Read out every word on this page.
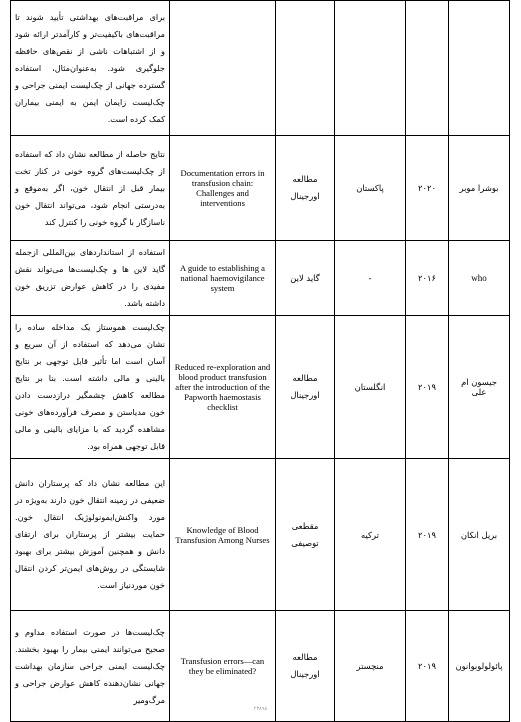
برای مراقبت‌های بهداشتی تأیید شوند تا مراقبت‌های باکیفیت‌تر و کارآمدتر ارائه شود و از اشتباهات ناشی از نقص‌های حافظه جلوگیری شود. به‌عنوان‌مثال، استفاده گسترده جهانی از چک‌لیست ایمنی جراحی و چک‌لیست زایمان ایمن به ایمنی بیماران کمک کرده است.					
نتایج حاصله از مطالعه نشان داد که استفاده از چک‌لیست‌های گروه خونی در کنار تخت بیمار قبل از انتقال خون، اگر به‌موقع و به‌درستی انجام شود، می‌تواند انتقال خون ناسازگار با گروه خونی را کنترل کند	Documentation errors in transfusion chain: Challenges and interventions	مطالعه اورجینال	پاکستان	۲۰۲۰	بوشرا موبر
استفاده از استانداردهای بین‌المللی ازجمله گاید لاین ها و چک‌لیست‌ها می‌تواند نقش مفیدی را در کاهش عوارض تزریق خون داشته باشد.	A guide to establishing a national haemovigilance system	گاید لاین	-	۲۰۱۶	who
چک‌لیست هموستاز یک مداخله ساده را نشان می‌دهد که استفاده از آن سریع و آسان است اما تأثیر قابل توجهی بر نتایج بالینی و مالی داشته است. بنا بر نتایج مطالعه کاهش چشمگیر درازدست دادن خون مدیاستن و مصرف فرآورده‌های خونی مشاهده گردید که با مزایای بالینی و مالی قابل توجهی همراه بود.	Reduced re-exploration and blood product transfusion after the introduction of the Papworth haemostasis checklist	مطالعه اورجینال	انگلستان	۲۰۱۹	جیسون ام علی
این مطالعه نشان داد که پرستاران دانش ضعیفی در زمینه انتقال خون دارند به‌ویژه در مورد واکنش‌ایمونولوژیک انتقال خون. حمایت بیشتر از پرستاران برای ارتقای دانش و همچنین آموزش بیشتر برای بهبود شایستگی در روش‌های ایمن‌تر کردن انتقال خون موردنیاز است.	Knowledge of Blood Transfusion Among Nurses	مقطعی توصیفی	ترکیه	۲۰۱۹	بریل انکان
چک‌لیست‌ها در صورت استفاده مداوم و صحیح می‌توانند ایمنی بیمار را بهبود بخشند. چک‌لیست ایمنی جراحی سازمان بهداشت جهانی نشان‌دهنده کاهش عوارض جراحی و مرگ‌ومیر	Transfusion errors—can they be eliminated?	مطالعه اورجینال	منچستر	۲۰۱۹	پائولولوبوانون
۲۳۸۹۸
